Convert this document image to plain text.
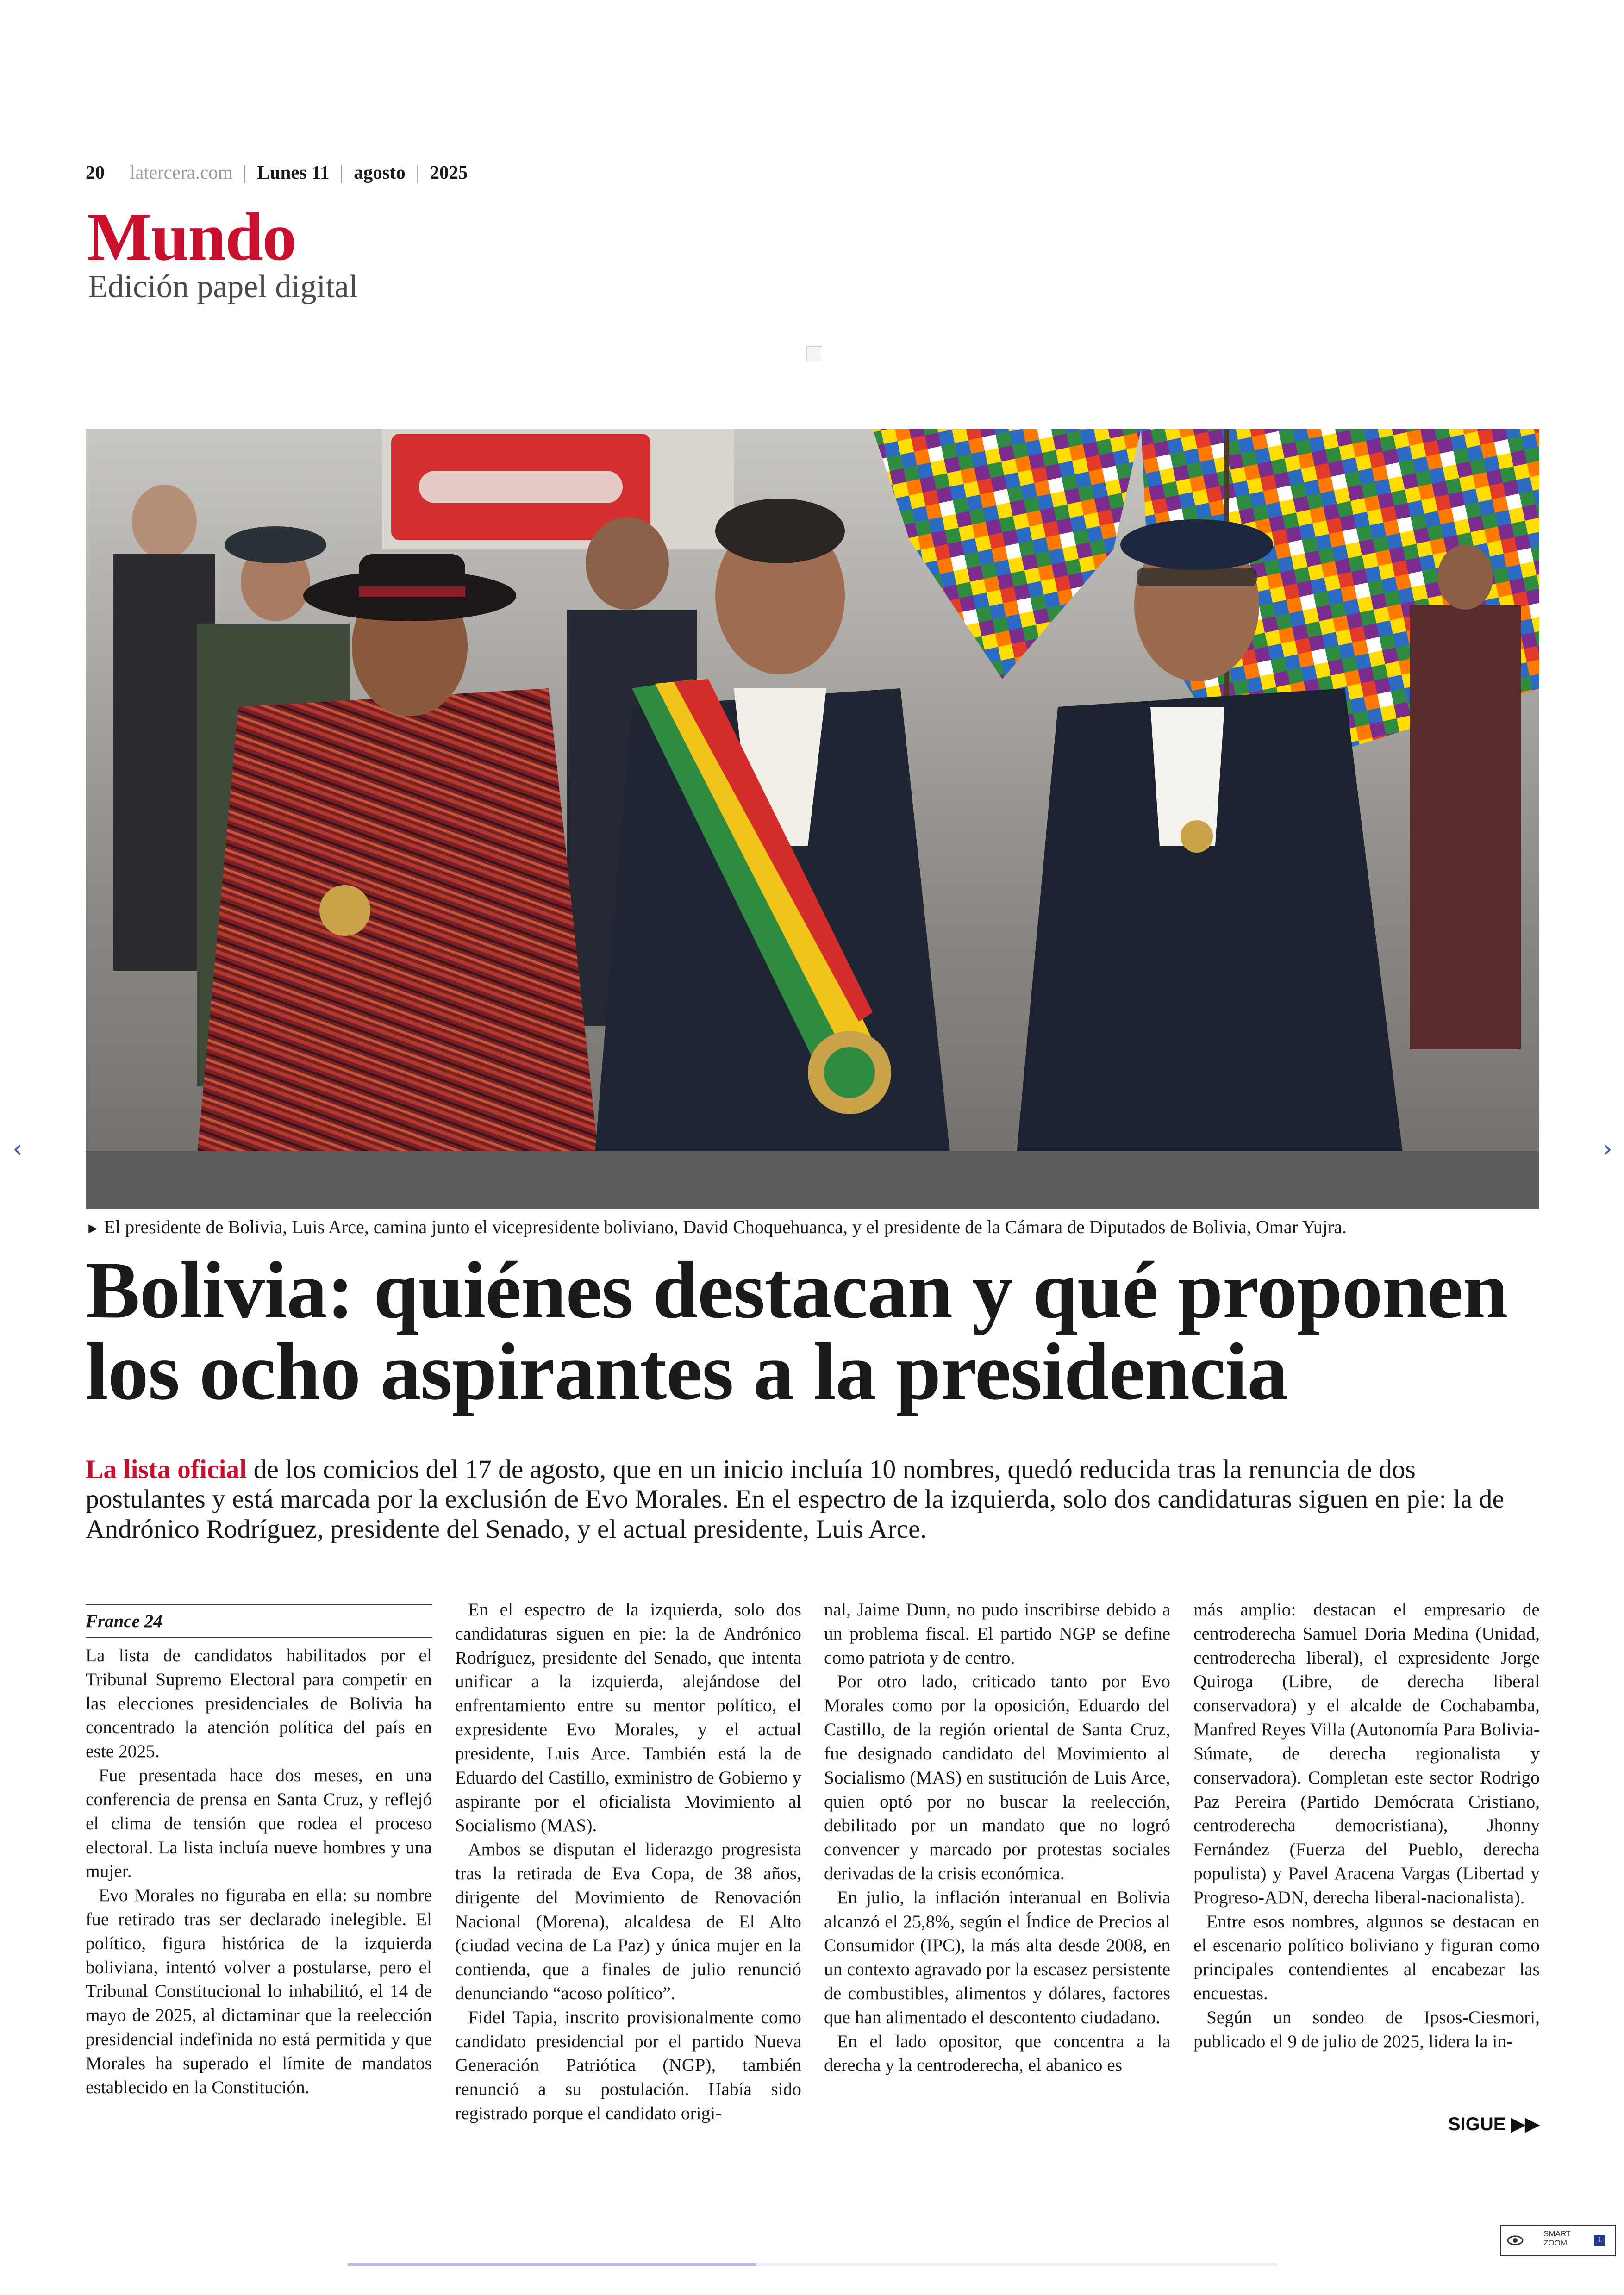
20 latercera.com | Lunes 11 | agosto | 2025
Mundo
Edición papel digital
► El presidente de Bolivia, Luis Arce, camina junto el vicepresidente boliviano, David Choquehuanca, y el presidente de la Cámara de Diputados de Bolivia, Omar Yujra.
Bolivia: quiénes destacan y qué proponen
los ocho aspirantes a la presidencia
La lista oficial de los comicios del 17 de agosto, que en un inicio incluía 10 nombres, quedó reducida tras la renuncia de dos postulantes y está marcada por la exclusión de Evo Morales. En el espectro de la izquierda, solo dos candidaturas siguen en pie: la de Andrónico Rodríguez, presidente del Senado, y el actual presidente, Luis Arce.
France 24

La lista de candidatos habilitados por el Tribunal Supremo Electoral para competir en las elecciones presidenciales de Bolivia ha concentrado la atención política del país en este 2025.

Fue presentada hace dos meses, en una conferencia de prensa en Santa Cruz, y reflejó el clima de tensión que rodea el proceso electoral. La lista incluía nueve hombres y una mujer.

Evo Morales no figuraba en ella: su nombre fue retirado tras ser declarado inelegible. El político, figura histórica de la izquierda boliviana, intentó volver a postularse, pero el Tribunal Constitucional lo inhabilitó, el 14 de mayo de 2025, al dictaminar que la reelección presidencial indefinida no está permitida y que Morales ha superado el límite de mandatos establecido en la Constitución.

En el espectro de la izquierda, solo dos candidaturas siguen en pie: la de Andrónico Rodríguez, presidente del Senado, que intenta unificar a la izquierda, alejándose del enfrentamiento entre su mentor político, el expresidente Evo Morales, y el actual presidente, Luis Arce. También está la de Eduardo del Castillo, exministro de Gobierno y aspirante por el oficialista Movimiento al Socialismo (MAS).

Ambos se disputan el liderazgo progresista tras la retirada de Eva Copa, de 38 años, dirigente del Movimiento de Renovación Nacional (Morena), alcaldesa de El Alto (ciudad vecina de La Paz) y única mujer en la contienda, que a finales de julio renunció denunciando “acoso político”.

Fidel Tapia, inscrito provisionalmente como candidato presidencial por el partido Nueva Generación Patriótica (NGP), también renunció a su postulación. Había sido registrado porque el candidato origi-

nal, Jaime Dunn, no pudo inscribirse debido a un problema fiscal. El partido NGP se define como patriota y de centro.

Por otro lado, criticado tanto por Evo Morales como por la oposición, Eduardo del Castillo, de la región oriental de Santa Cruz, fue designado candidato del Movimiento al Socialismo (MAS) en sustitución de Luis Arce, quien optó por no buscar la reelección, debilitado por un mandato que no logró convencer y marcado por protestas sociales derivadas de la crisis económica.

En julio, la inflación interanual en Bolivia alcanzó el 25,8%, según el Índice de Precios al Consumidor (IPC), la más alta desde 2008, en un contexto agravado por la escasez persistente de combustibles, alimentos y dólares, factores que han alimentado el descontento ciudadano.

En el lado opositor, que concentra a la derecha y la centroderecha, el abanico es

más amplio: destacan el empresario de centroderecha Samuel Doria Medina (Unidad, centroderecha liberal), el expresidente Jorge Quiroga (Libre, de derecha liberal conservadora) y el alcalde de Cochabamba, Manfred Reyes Villa (Autonomía Para Bolivia-Súmate, de derecha regionalista y conservadora). Completan este sector Rodrigo Paz Pereira (Partido Demócrata Cristiano, centroderecha democristiana), Jhonny Fernández (Fuerza del Pueblo, derecha populista) y Pavel Aracena Vargas (Libertad y Progreso-ADN, derecha liberal-nacionalista).

Entre esos nombres, algunos se destacan en el escenario político boliviano y figuran como principales contendientes al encabezar las encuestas.

Según un sondeo de Ipsos-Ciesmori, publicado el 9 de julio de 2025, lidera la in-

SIGUE ▶▶
‹	›
SMART
ZOOM	1
